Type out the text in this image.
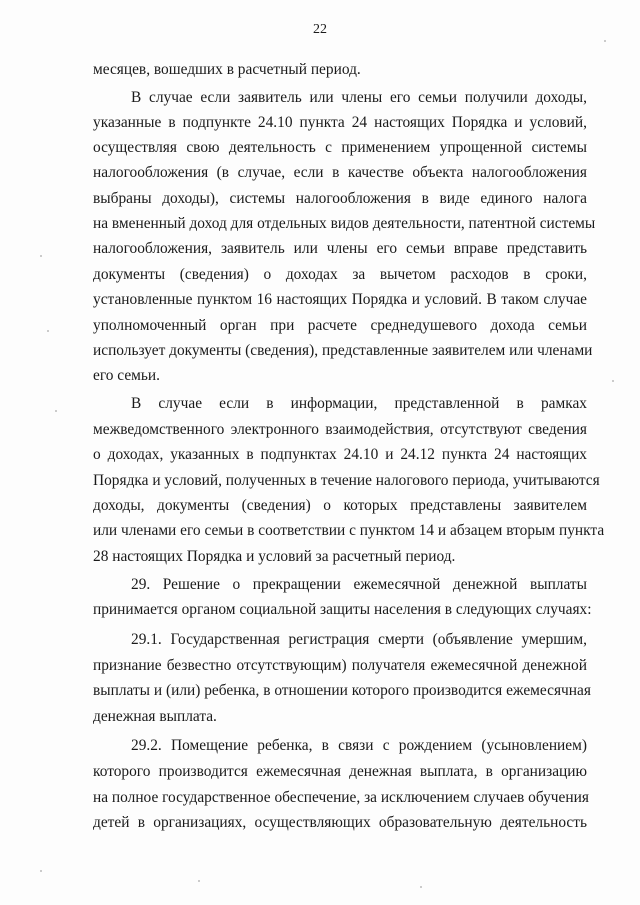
22
месяцев, вошедших в расчетный период.
В случае если заявитель или члены его семьи получили доходы,
указанные в подпункте 24.10 пункта 24 настоящих Порядка и условий,
осуществляя свою деятельность с применением упрощенной системы
налогообложения (в случае, если в качестве объекта налогообложения
выбраны доходы), системы налогообложения в виде единого налога
на вмененный доход для отдельных видов деятельности, патентной системы
налогообложения, заявитель или члены его семьи вправе представить
документы (сведения) о доходах за вычетом расходов в сроки,
установленные пунктом 16 настоящих Порядка и условий. В таком случае
уполномоченный орган при расчете среднедушевого дохода семьи
использует документы (сведения), представленные заявителем или членами
его семьи.
В случае если в информации, представленной в рамках
межведомственного электронного взаимодействия, отсутствуют сведения
о доходах, указанных в подпунктах 24.10 и 24.12 пункта 24 настоящих
Порядка и условий, полученных в течение налогового периода, учитываются
доходы, документы (сведения) о которых представлены заявителем
или членами его семьи в соответствии с пунктом 14 и абзацем вторым пункта
28 настоящих Порядка и условий за расчетный период.
29. Решение о прекращении ежемесячной денежной выплаты
принимается органом социальной защиты населения в следующих случаях:
29.1. Государственная регистрация смерти (объявление умершим,
признание безвестно отсутствующим) получателя ежемесячной денежной
выплаты и (или) ребенка, в отношении которого производится ежемесячная
денежная выплата.
29.2. Помещение ребенка, в связи с рождением (усыновлением)
которого производится ежемесячная денежная выплата, в организацию
на полное государственное обеспечение, за исключением случаев обучения
детей в организациях, осуществляющих образовательную деятельность
